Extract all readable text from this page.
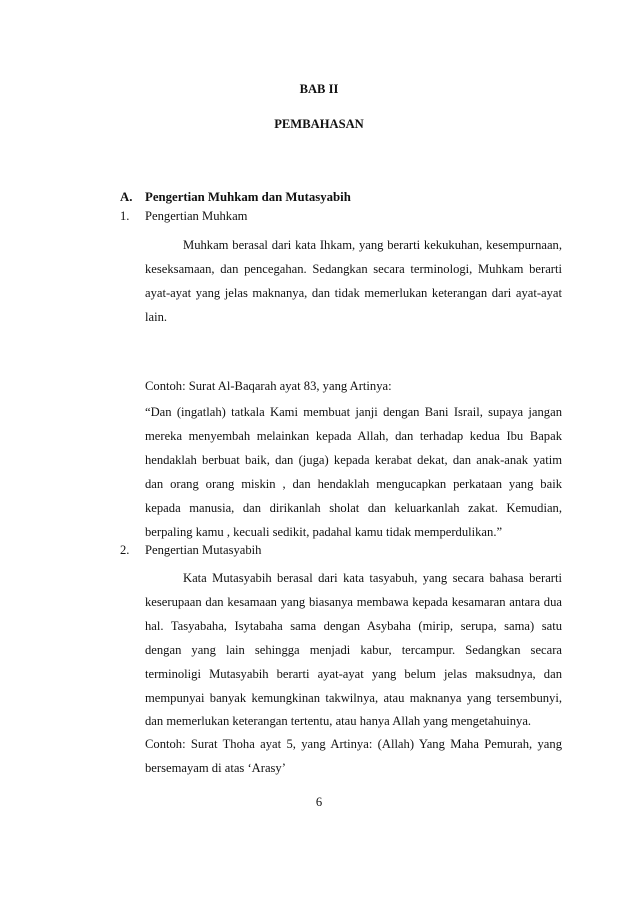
BAB II
PEMBAHASAN
A. Pengertian Muhkam dan Mutasyabih
1. Pengertian Muhkam
Muhkam berasal dari kata Ihkam, yang berarti kekukuhan, kesempurnaan, keseksamaan, dan pencegahan. Sedangkan secara terminologi, Muhkam berarti ayat-ayat yang jelas maknanya, dan tidak memerlukan keterangan dari ayat-ayat lain.
Contoh: Surat Al-Baqarah ayat 83, yang Artinya:
“Dan (ingatlah) tatkala Kami membuat janji dengan Bani Israil, supaya jangan mereka menyembah melainkan kepada Allah, dan terhadap kedua Ibu Bapak hendaklah berbuat baik, dan (juga) kepada kerabat dekat, dan anak-anak yatim dan orang orang miskin , dan hendaklah mengucapkan perkataan yang baik kepada manusia, dan dirikanlah sholat dan keluarkanlah zakat. Kemudian, berpaling kamu , kecuali sedikit, padahal kamu tidak memperdulikan.”
2. Pengertian Mutasyabih
Kata Mutasyabih berasal dari kata tasyabuh, yang secara bahasa berarti keserupaan dan kesamaan yang biasanya membawa kepada kesamaran antara dua hal. Tasyabaha, Isytabaha sama dengan Asybaha (mirip, serupa, sama) satu dengan yang lain sehingga menjadi kabur, tercampur. Sedangkan secara terminoligi Mutasyabih berarti ayat-ayat yang belum jelas maksudnya, dan mempunyai banyak kemungkinan takwilnya, atau maknanya yang tersembunyi, dan memerlukan keterangan tertentu, atau hanya Allah yang mengetahuinya.
Contoh: Surat Thoha ayat 5, yang Artinya: (Allah) Yang Maha Pemurah, yang bersemayam di atas ‘Arasy’
6
